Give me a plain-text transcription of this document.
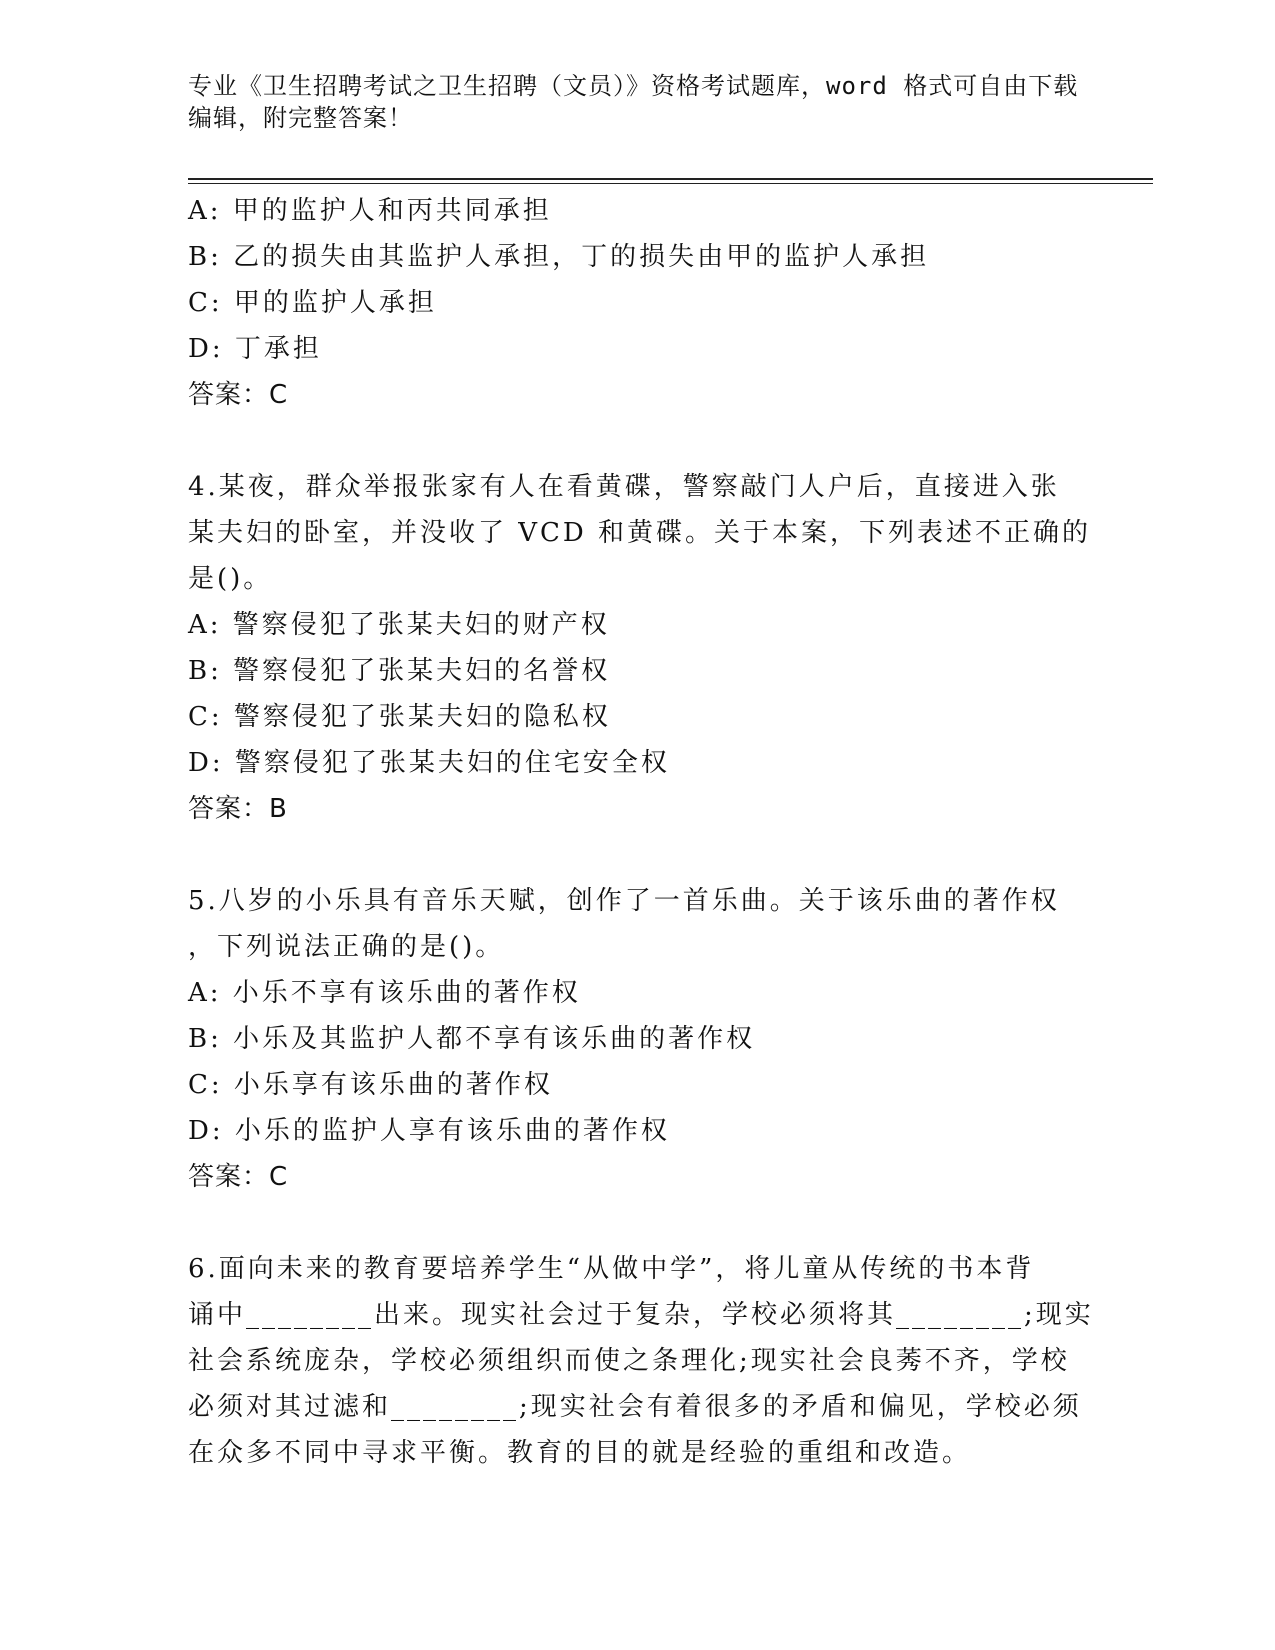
专业《卫生招聘考试之卫生招聘（文员）》资格考试题库，word 格式可自由下载
编辑，附完整答案！
A: 甲的监护人和丙共同承担
B: 乙的损失由其监护人承担，丁的损失由甲的监护人承担
C: 甲的监护人承担
D: 丁承担
答案：C
4.某夜，群众举报张家有人在看黄碟，警察敲门人户后，直接进入张
某夫妇的卧室，并没收了 VCD 和黄碟。关于本案，下列表述不正确的
是()。
A: 警察侵犯了张某夫妇的财产权
B: 警察侵犯了张某夫妇的名誉权
C: 警察侵犯了张某夫妇的隐私权
D: 警察侵犯了张某夫妇的住宅安全权
答案：B
5.八岁的小乐具有音乐天赋，创作了一首乐曲。关于该乐曲的著作权
，下列说法正确的是()。
A: 小乐不享有该乐曲的著作权
B: 小乐及其监护人都不享有该乐曲的著作权
C: 小乐享有该乐曲的著作权
D: 小乐的监护人享有该乐曲的著作权
答案：C
6.面向未来的教育要培养学生“从做中学”，将儿童从传统的书本背
诵中________出来。现实社会过于复杂，学校必须将其________;现实
社会系统庞杂，学校必须组织而使之条理化;现实社会良莠不齐，学校
必须对其过滤和________;现实社会有着很多的矛盾和偏见，学校必须
在众多不同中寻求平衡。教育的目的就是经验的重组和改造。
